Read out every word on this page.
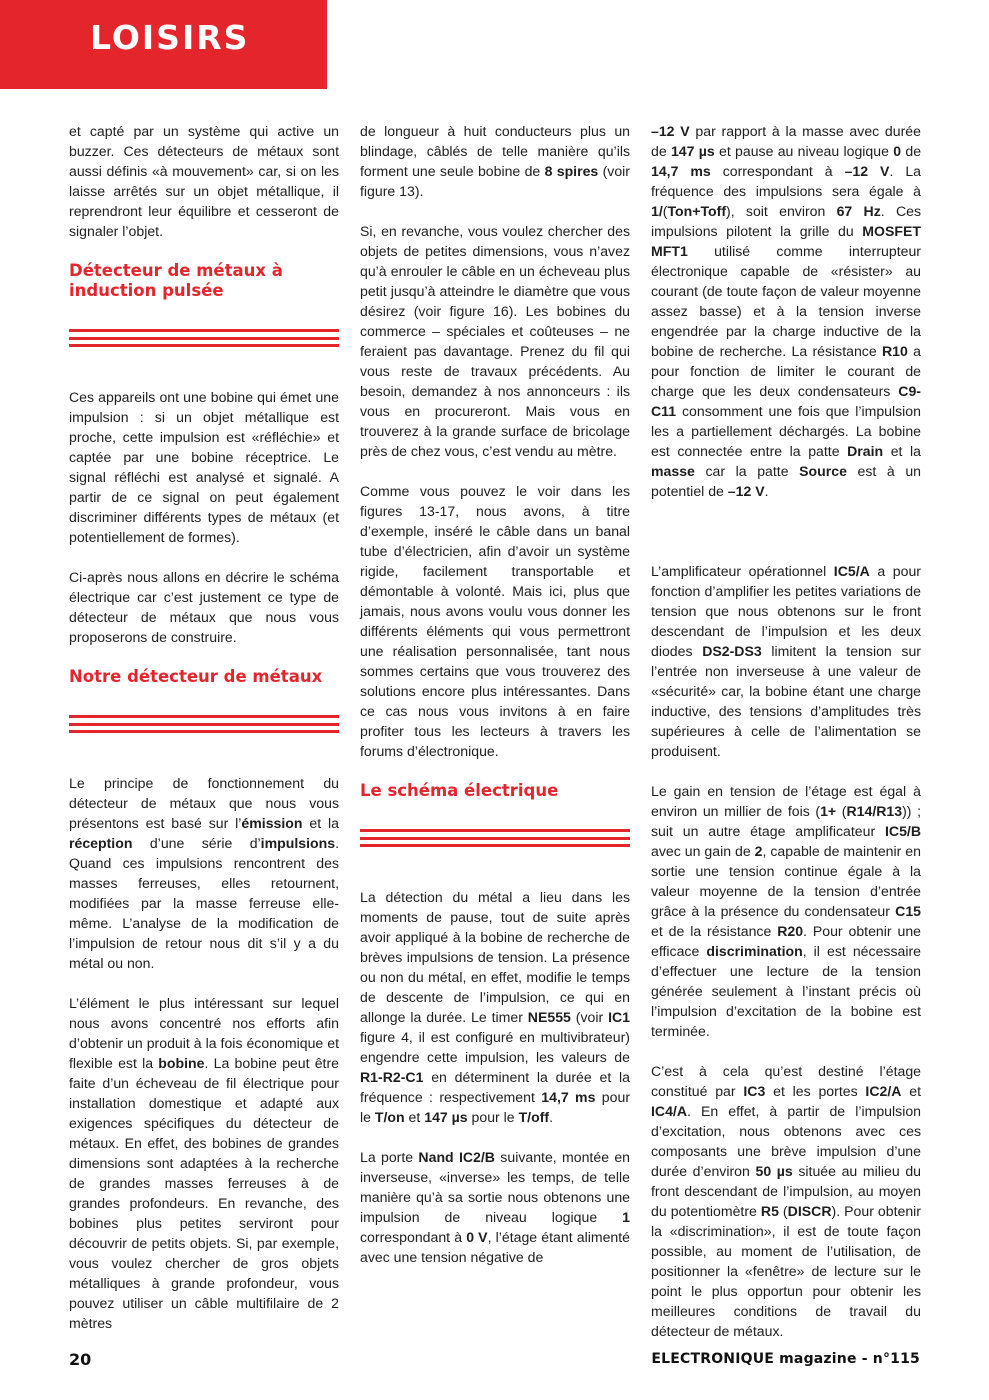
LOISIRS

et capté par un système qui active un buzzer. Ces détecteurs de métaux sont aussi définis «à mouvement» car, si on les laisse arrêtés sur un objet métallique, il reprendront leur équilibre et cesseront de signaler l’objet.

Détecteur de métaux à induction pulsée

Ces appareils ont une bobine qui émet une impulsion : si un objet métallique est proche, cette impulsion est «réfléchie» et captée par une bobine réceptrice. Le signal réfléchi est analysé et signalé. A partir de ce signal on peut également discriminer différents types de métaux (et potentiellement de formes).

Ci-après nous allons en décrire le schéma électrique car c’est justement ce type de détecteur de métaux que nous vous proposerons de construire.

Notre détecteur de métaux

Le principe de fonctionnement du détecteur de métaux que nous vous présentons est basé sur l’émission et la réception d’une série d’impulsions. Quand ces impulsions rencontrent des masses ferreuses, elles retournent, modifiées par la masse ferreuse elle-même. L’analyse de la modification de l’impulsion de retour nous dit s’il y a du métal ou non.

L’élément le plus intéressant sur lequel nous avons concentré nos efforts afin d’obtenir un produit à la fois économique et flexible est la bobine. La bobine peut être faite d’un écheveau de fil électrique pour installation domestique et adapté aux exigences spécifiques du détecteur de métaux. En effet, des bobines de grandes dimensions sont adaptées à la recherche de grandes masses ferreuses à de grandes profondeurs. En revanche, des bobines plus petites serviront pour découvrir de petits objets. Si, par exemple, vous voulez chercher de gros objets métalliques à grande profondeur, vous pouvez utiliser un câble multifilaire de 2 mètres

de longueur à huit conducteurs plus un blindage, câblés de telle manière qu’ils forment une seule bobine de 8 spires (voir figure 13).

Si, en revanche, vous voulez chercher des objets de petites dimensions, vous n’avez qu’à enrouler le câble en un écheveau plus petit jusqu’à atteindre le diamètre que vous désirez (voir figure 16). Les bobines du commerce – spéciales et coûteuses – ne feraient pas davantage. Prenez du fil qui vous reste de travaux précédents. Au besoin, demandez à nos annonceurs : ils vous en procureront. Mais vous en trouverez à la grande surface de bricolage près de chez vous, c’est vendu au mètre.

Comme vous pouvez le voir dans les figures 13-17, nous avons, à titre d’exemple, inséré le câble dans un banal tube d’électricien, afin d’avoir un système rigide, facilement transportable et démontable à volonté. Mais ici, plus que jamais, nous avons voulu vous donner les différents éléments qui vous permettront une réalisation personnalisée, tant nous sommes certains que vous trouverez des solutions encore plus intéressantes. Dans ce cas nous vous invitons à en faire profiter tous les lecteurs à travers les forums d’électronique.

Le schéma électrique

La détection du métal a lieu dans les moments de pause, tout de suite après avoir appliqué à la bobine de recherche de brèves impulsions de tension. La présence ou non du métal, en effet, modifie le temps de descente de l’impulsion, ce qui en allonge la durée. Le timer NE555 (voir IC1 figure 4, il est configuré en multivibrateur) engendre cette impulsion, les valeurs de R1-R2-C1 en déterminent la durée et la fréquence : respectivement 14,7 ms pour le T/on et 147 µs pour le T/off.

La porte Nand IC2/B suivante, montée en inverseuse, «inverse» les temps, de telle manière qu’à sa sortie nous obtenons une impulsion de niveau logique 1 correspondant à 0 V, l’étage étant alimenté avec une tension négative de

–12 V par rapport à la masse avec durée de 147 µs et pause au niveau logique 0 de 14,7 ms correspondant à –12 V. La fréquence des impulsions sera égale à 1/(Ton+Toff), soit environ 67 Hz. Ces impulsions pilotent la grille du MOSFET MFT1 utilisé comme interrupteur électronique capable de «résister» au courant (de toute façon de valeur moyenne assez basse) et à la tension inverse engendrée par la charge inductive de la bobine de recherche. La résistance R10 a pour fonction de limiter le courant de charge que les deux condensateurs C9-C11 consomment une fois que l’impulsion les a partiellement déchargés. La bobine est connectée entre la patte Drain et la masse car la patte Source est à un potentiel de –12 V.

L’amplificateur opérationnel IC5/A a pour fonction d’amplifier les petites variations de tension que nous obtenons sur le front descendant de l’impulsion et les deux diodes DS2-DS3 limitent la tension sur l’entrée non inverseuse à une valeur de «sécurité» car, la bobine étant une charge inductive, des tensions d’amplitudes très supérieures à celle de l’alimentation se produisent.

Le gain en tension de l’étage est égal à environ un millier de fois (1+ (R14/R13)) ; suit un autre étage amplificateur IC5/B avec un gain de 2, capable de maintenir en sortie une tension continue égale à la valeur moyenne de la tension d’entrée grâce à la présence du condensateur C15 et de la résistance R20. Pour obtenir une efficace discrimination, il est nécessaire d’effectuer une lecture de la tension générée seulement à l’instant précis où l’impulsion d’excitation de la bobine est terminée.

C’est à cela qu’est destiné l’étage constitué par IC3 et les portes IC2/A et IC4/A. En effet, à partir de l’impulsion d’excitation, nous obtenons avec ces composants une brève impulsion d’une durée d’environ 50 µs située au milieu du front descendant de l’impulsion, au moyen du potentiomètre R5 (DISCR). Pour obtenir la «discrimination», il est de toute façon possible, au moment de l’utilisation, de positionner la «fenêtre» de lecture sur le point le plus opportun pour obtenir les meilleures conditions de travail du détecteur de métaux.

20	ELECTRONIQUE magazine - n°115
